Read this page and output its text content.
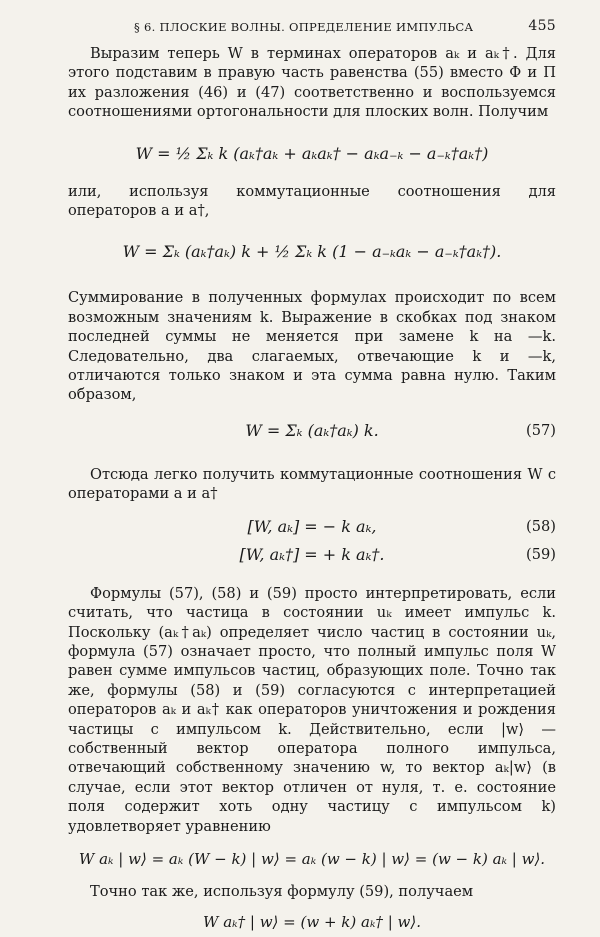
§ 6. ПЛОСКИЕ ВОЛНЫ. ОПРЕДЕЛЕНИЕ ИМПУЛЬСА	455

Выразим теперь W в терминах операторов aₖ и aₖ†. Для этого подставим в правую часть равенства (55) вместо Φ и Π их разложения (46) и (47) соответственно и воспользуемся соотношениями ортогональности для плоских волн. Получим

W = ½ Σₖ k (aₖ†aₖ + aₖaₖ† − aₖa₋ₖ − a₋ₖ†aₖ†)

или, используя коммутационные соотношения для операторов a и a†,

W = Σₖ (aₖ†aₖ) k + ½ Σₖ k (1 − a₋ₖaₖ − a₋ₖ†aₖ†).

Суммирование в полученных формулах происходит по всем возможным значениям k. Выражение в скобках под знаком последней суммы не меняется при замене k на —k. Следовательно, два слагаемых, отвечающие k и —k, отличаются только знаком и эта сумма равна нулю. Таким образом,

W = Σₖ (aₖ†aₖ) k.	(57)

Отсюда легко получить коммутационные соотношения W с операторами a и a†

[W, aₖ] = − k aₖ,	(58)
[W, aₖ†] = + k aₖ†.	(59)

Формулы (57), (58) и (59) просто интерпретировать, если считать, что частица в состоянии uₖ имеет импульс k. Поскольку (aₖ†aₖ) определяет число частиц в состоянии uₖ, формула (57) означает просто, что полный импульс поля W равен сумме импульсов частиц, образующих поле. Точно так же, формулы (58) и (59) согласуются с интерпретацией операторов aₖ и aₖ† как операторов уничтожения и рождения частицы с импульсом k. Действительно, если |w⟩ — собственный вектор оператора полного импульса, отвечающий собственному значению w, то вектор aₖ|w⟩ (в случае, если этот вектор отличен от нуля, т. е. состояние поля содержит хоть одну частицу с импульсом k) удовлетворяет уравнению

W aₖ | w⟩ = aₖ (W − k) | w⟩ = aₖ (w − k) | w⟩ = (w − k) aₖ | w⟩.

Точно так же, используя формулу (59), получаем

W aₖ† | w⟩ = (w + k) aₖ† | w⟩.
